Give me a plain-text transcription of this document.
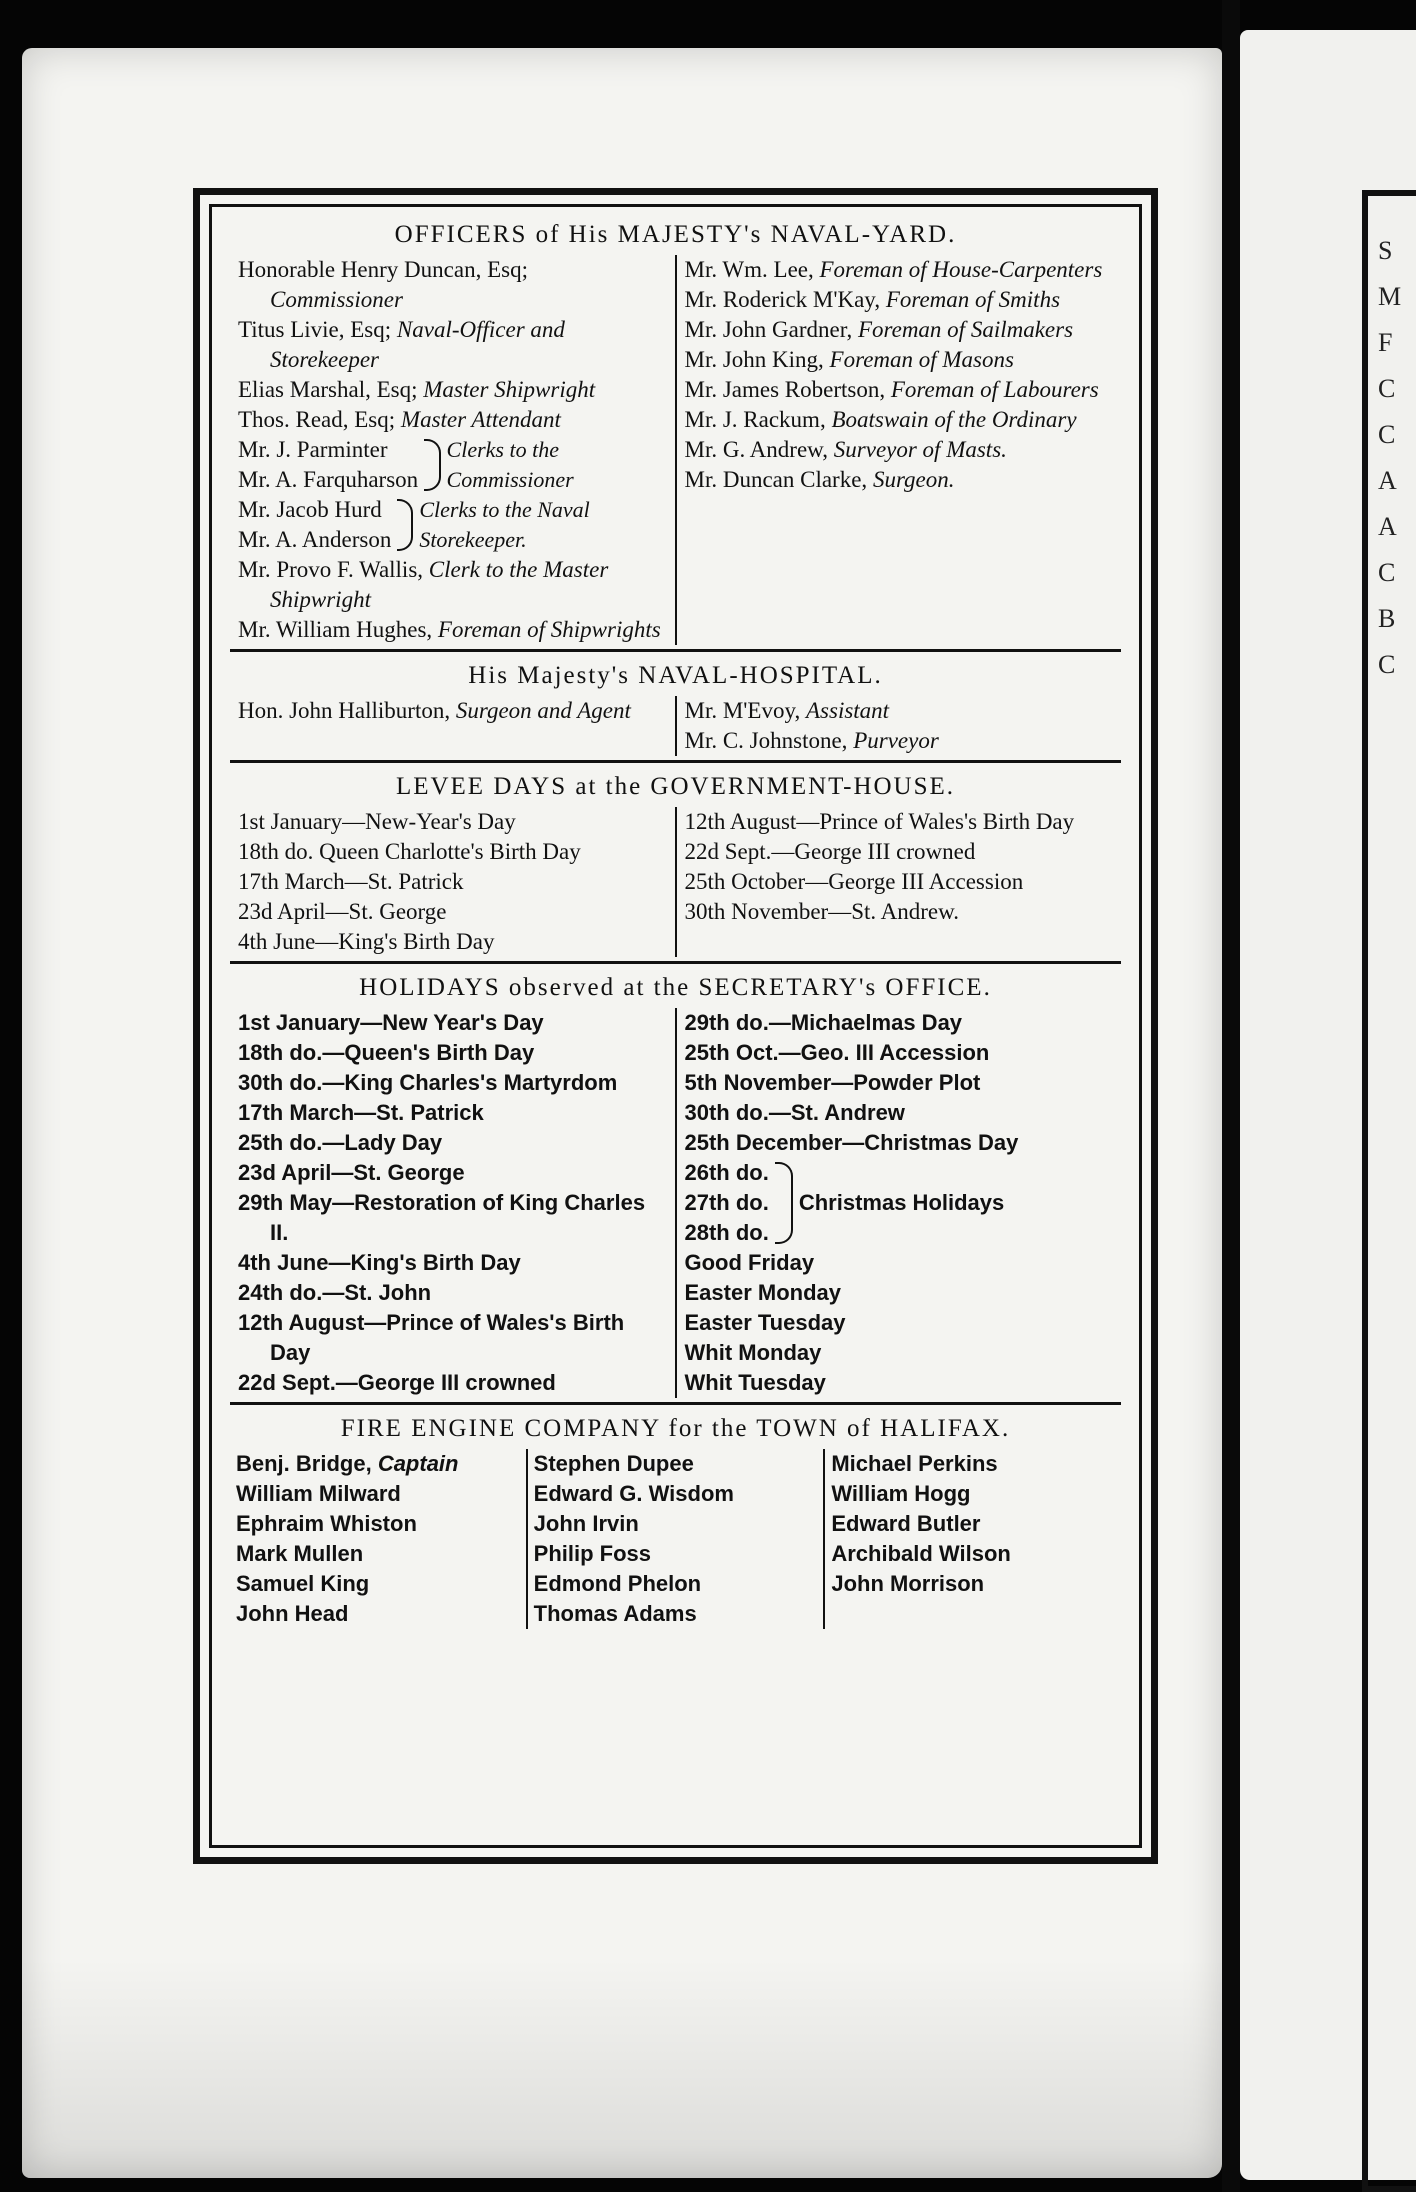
S
M
F
C
C
A
A
C
B
C
OFFICERS of His MAJESTY's NAVAL-YARD.
Honorable Henry Duncan, Esq; Commissioner
Titus Livie, Esq; Naval-Officer and Storekeeper
Elias Marshal, Esq; Master Shipwright
Thos. Read, Esq; Master Attendant
Mr. J. Parminter
Mr. A. Farquharson
Clerks to the Commissioner
Mr. Jacob Hurd
Mr. A. Anderson
Clerks to the Naval Storekeeper.
Mr. Provo F. Wallis, Clerk to the Master Shipwright
Mr. William Hughes, Foreman of Shipwrights
Mr. Wm. Lee, Foreman of House-Carpenters
Mr. Roderick M'Kay, Foreman of Smiths
Mr. John Gardner, Foreman of Sailmakers
Mr. John King, Foreman of Masons
Mr. James Robertson, Foreman of Labourers
Mr. J. Rackum, Boatswain of the Ordinary
Mr. G. Andrew, Surveyor of Masts.
Mr. Duncan Clarke, Surgeon.
His Majesty's NAVAL-HOSPITAL.
Hon. John Halliburton, Surgeon and Agent	Mr. M'Evoy, Assistant
Mr. C. Johnstone, Purveyor
LEVEE DAYS at the GOVERNMENT-HOUSE.
1st January—New-Year's Day
18th do. Queen Charlotte's Birth Day
17th March—St. Patrick
23d April—St. George
4th June—King's Birth Day
12th August—Prince of Wales's Birth Day
22d Sept.—George III crowned
25th October—George III Accession
30th November—St. Andrew.
HOLIDAYS observed at the SECRETARY's OFFICE.
1st January—New Year's Day
18th do.—Queen's Birth Day
30th do.—King Charles's Martyrdom
17th March—St. Patrick
25th do.—Lady Day
23d April—St. George
29th May—Restoration of King Charles II.
4th June—King's Birth Day
24th do.—St. John
12th August—Prince of Wales's Birth Day
22d Sept.—George III crowned
29th do.—Michaelmas Day
25th Oct.—Geo. III Accession
5th November—Powder Plot
30th do.—St. Andrew
25th December—Christmas Day
26th do.
27th do.
28th do.
Christmas Holidays
Good Friday
Easter Monday
Easter Tuesday
Whit Monday
Whit Tuesday
FIRE ENGINE COMPANY for the TOWN of HALIFAX.
Benj. Bridge, Captain
William Milward
Ephraim Whiston
Mark Mullen
Samuel King
John Head
Stephen Dupee
Edward G. Wisdom
John Irvin
Philip Foss
Edmond Phelon
Thomas Adams
Michael Perkins
William Hogg
Edward Butler
Archibald Wilson
John Morrison
